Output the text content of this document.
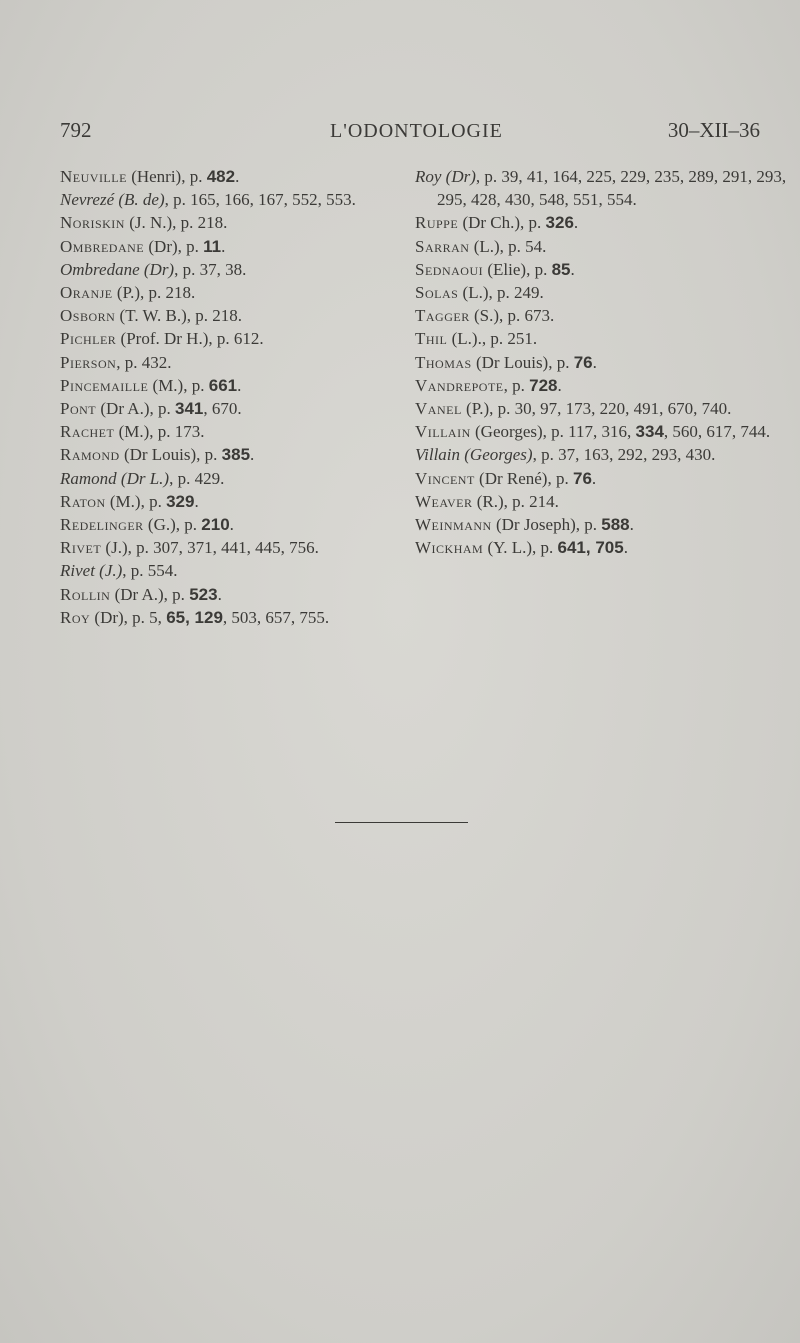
792	L'ODONTOLOGIE	30–XII–36

Neuville (Henri), p. 482.

Nevrezé (B. de), p. 165, 166, 167, 552, 553.

Noriskin (J. N.), p. 218.

Ombredane (Dr), p. 11.

Ombredane (Dr), p. 37, 38.

Oranje (P.), p. 218.

Osborn (T. W. B.), p. 218.

Pichler (Prof. Dr H.), p. 612.

Pierson, p. 432.

Pincemaille (M.), p. 661.

Pont (Dr A.), p. 341, 670.

Rachet (M.), p. 173.

Ramond (Dr Louis), p. 385.

Ramond (Dr L.), p. 429.

Raton (M.), p. 329.

Redelinger (G.), p. 210.

Rivet (J.), p. 307, 371, 441, 445, 756.

Rivet (J.), p. 554.

Rollin (Dr A.), p. 523.

Roy (Dr), p. 5, 65, 129, 503, 657, 755.

Roy (Dr), p. 39, 41, 164, 225, 229, 235, 289, 291, 293, 295, 428, 430, 548, 551, 554.

Ruppe (Dr Ch.), p. 326.

Sarran (L.), p. 54.

Sednaoui (Elie), p. 85.

Solas (L.), p. 249.

Tagger (S.), p. 673.

Thil (L.)., p. 251.

Thomas (Dr Louis), p. 76.

Vandrepote, p. 728.

Vanel (P.), p. 30, 97, 173, 220, 491, 670, 740.

Villain (Georges), p. 117, 316, 334, 560, 617, 744.

Villain (Georges), p. 37, 163, 292, 293, 430.

Vincent (Dr René), p. 76.

Weaver (R.), p. 214.

Weinmann (Dr Joseph), p. 588.

Wickham (Y. L.), p. 641, 705.
